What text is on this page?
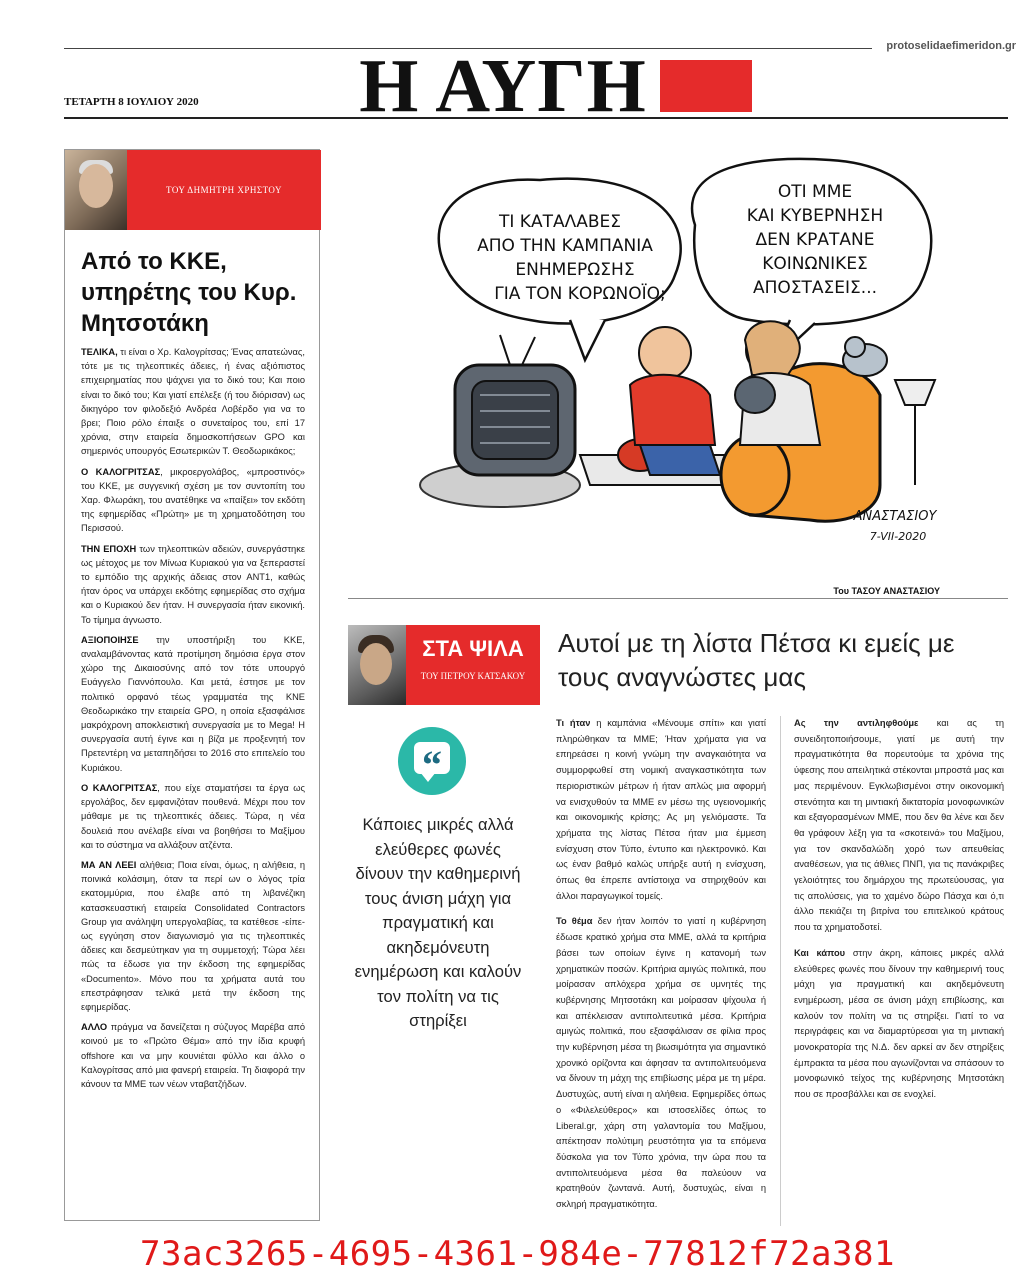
protoselidaefimeridon.gr
Η ΑΥΓΗ
ΤΕΤΑΡΤΗ 8 ΙΟΥΛΙΟΥ 2020
ΤΟΥ ΔΗΜΗΤΡΗ ΧΡΗΣΤΟΥ
Από το ΚΚΕ, υπηρέτης του Κυρ. Μητσοτάκη

ΤΕΛΙΚΑ, τι είναι ο Χρ. Καλογρίτσας; Ένας απατεώνας, τότε με τις τηλεοπτικές άδειες, ή ένας αξιόπιστος επιχειρηματίας που ψάχνει για το δικό του; Και ποιο είναι το δικό του; Και γιατί επέλεξε (ή του διόρισαν) ως δικηγόρο τον φιλοδεξιό Ανδρέα Λοβέρδο για να το βρει; Ποιο ρόλο έπαιξε ο συνεταίρος του, επί 17 χρόνια, στην εταιρεία δημοσκοπήσεων GPO και σημερινός υπουργός Εσωτερικών Τ. Θεοδωρικάκος;

Ο ΚΑΛΟΓΡΙΤΣΑΣ, μικροεργολάβος, «μπροστινός» του ΚΚΕ, με συγγενική σχέση με τον συντοπίτη του Χαρ. Φλωράκη, του ανατέθηκε να «παίξει» τον εκδότη της εφημερίδας «Πρώτη» με τη χρηματοδότηση του Περισσού.

ΤΗΝ ΕΠΟΧΗ των τηλεοπτικών αδειών, συνεργάστηκε ως μέτοχος με τον Μίνωα Κυριακού για να ξεπεραστεί το εμπόδιο της αρχικής άδειας στον ΑΝΤ1, καθώς ήταν όρος να υπάρχει εκδότης εφημερίδας στο σχήμα και ο Κυριακού δεν ήταν. Η συνεργασία ήταν εικονική. Το τίμημα άγνωστο.

ΑΞΙΟΠΟΙΗΣΕ την υποστήριξη του ΚΚΕ, αναλαμβάνοντας κατά προτίμηση δημόσια έργα στον χώρο της Δικαιοσύνης από τον τότε υπουργό Ευάγγελο Γιαννόπουλο. Και μετά, έστησε με τον πολιτικό ορφανό τέως γραμματέα της ΚΝΕ Θεοδωρικάκο την εταιρεία GPO, η οποία εξασφάλισε μακρόχρονη αποκλειστική συνεργασία με το Mega! Η συνεργασία αυτή έγινε και η βίζα με προξενητή τον Πρετεντέρη να μεταπηδήσει το 2016 στο επιτελείο του Κυριάκου.

Ο ΚΑΛΟΓΡΙΤΣΑΣ, που είχε σταματήσει τα έργα ως εργολάβος, δεν εμφανιζόταν πουθενά. Μέχρι που τον μάθαμε με τις τηλεοπτικές άδειες. Τώρα, η νέα δουλειά που ανέλαβε είναι να βοηθήσει το Μαξίμου και το σύστημα να αλλάξουν ατζέντα.

ΜΑ ΑΝ ΛΕΕΙ αλήθεια; Ποια είναι, όμως, η αλήθεια, η ποινικά κολάσιμη, όταν τα περί ων ο λόγος τρία εκατομμύρια, που έλαβε από τη λιβανέζικη κατασκευαστική εταιρεία Consolidated Contractors Group για ανάληψη υπεργολαβίας, τα κατέθεσε -είπε- ως εγγύηση στον διαγωνισμό για τις τηλεοπτικές άδειες και δεσμεύτηκαν για τη συμμετοχή; Τώρα λέει πώς τα έδωσε για την έκδοση της εφημερίδας «Documento». Μόνο που τα χρήματα αυτά του επεστράφησαν τελικά μετά την έκδοση της εφημερίδας.

ΑΛΛΟ πράγμα να δανείζεται η σύζυγος Μαρέβα από κοινού με το «Πρώτο Θέμα» από την ίδια κρυφή offshore και να μην κουνιέται φύλλο και άλλο ο Καλογρίτσας από μια φανερή εταιρεία. Τη διαφορά την κάνουν τα ΜΜΕ των νέων νταβατζήδων.

ΤΙ ΚΑΤΑΛΑΒΕΣ
ΑΠΟ ΤΗΝ ΚΑΜΠΑΝΙΑ
ΕΝΗΜΕΡΩΣΗΣ
ΓΙΑ ΤΟΝ ΚΟΡΩΝΟΪΟ;
ΟΤΙ ΜΜΕ
ΚΑΙ ΚΥΒΕΡΝΗΣΗ
ΔΕΝ ΚΡΑΤΑΝΕ
ΚΟΙΝΩΝΙΚΕΣ
ΑΠΟΣΤΑΣΕΙΣ...
ΑΝΑΣΤΑΣΙΟΥ
7-VII-2020
Του ΤΑΣΟΥ ΑΝΑΣΤΑΣΙΟΥ
ΣΤΑ ΨΙΛΑ
ΤΟΥ ΠΕΤΡΟΥ ΚΑΤΣΑΚΟΥ
“
Κάποιες μικρές αλλά ελεύθερες φωνές δίνουν την καθημερινή τους άνιση μάχη για πραγματική και ακηδεμόνευτη ενημέρωση και καλούν τον πολίτη να τις στηρίξει
Αυτοί με τη λίστα Πέτσα κι εμείς με τους αναγνώστες μας

Τι ήταν η καμπάνια «Μένουμε σπίτι» και γιατί πληρώθηκαν τα ΜΜΕ; Ήταν χρήματα για να επηρεάσει η κοινή γνώμη την αναγκαιότητα να συμμορφωθεί στη νομική αναγκαστικότητα των περιοριστικών μέτρων ή ήταν απλώς μια αφορμή να ενισχυθούν τα ΜΜΕ εν μέσω της υγειονομικής και οικονομικής κρίσης; Ας μη γελιόμαστε. Τα χρήματα της λίστας Πέτσα ήταν μια έμμεση ενίσχυση στον Τύπο, έντυπο και ηλεκτρονικό. Και ως έναν βαθμό καλώς υπήρξε αυτή η ενίσχυση, όπως θα έπρεπε αντίστοιχα να στηριχθούν και άλλοι παραγωγικοί τομείς.

Το θέμα δεν ήταν λοιπόν το γιατί η κυβέρνηση έδωσε κρατικό χρήμα στα ΜΜΕ, αλλά τα κριτήρια βάσει των οποίων έγινε η κατανομή των χρηματικών ποσών. Κριτήρια αμιγώς πολιτικά, που μοίρασαν απλόχερα χρήμα σε υμνητές της κυβέρνησης Μητσοτάκη και μοίρασαν ψίχουλα ή και απέκλεισαν αντιπολιτευτικά μέσα. Κριτήρια αμιγώς πολιτικά, που εξασφάλισαν σε φίλια προς την κυβέρνηση μέσα τη βιωσιμότητα για σημαντικό χρονικό ορίζοντα και άφησαν τα αντιπολιτευόμενα να δίνουν τη μάχη της επιβίωσης μέρα με τη μέρα. Δυστυχώς, αυτή είναι η αλήθεια. Εφημερίδες όπως ο «Φιλελεύθερος» και ιστοσελίδες όπως το Liberal.gr, χάρη στη γαλαντομία του Μαξίμου, απέκτησαν πολύτιμη ρευστότητα για τα επόμενα δύσκολα για τον Τύπο χρόνια, την ώρα που τα αντιπολιτευόμενα μέσα θα παλεύουν να κρατηθούν ζωντανά. Αυτή, δυστυχώς, είναι η σκληρή πραγματικότητα.

Ας την αντιληφθούμε και ας τη συνειδητοποιήσουμε, γιατί με αυτή την πραγματικότητα θα πορευτούμε τα χρόνια της ύφεσης που απειλητικά στέκονται μπροστά μας και μας περιμένουν. Εγκλωβισμένοι στην οικονομική στενότητα και τη μιντιακή δικτατορία μονοφωνικών και εξαγορασμένων ΜΜΕ, που δεν θα λένε και δεν θα γράφουν λέξη για τα «σκοτεινά» του Μαξίμου, για τον σκανδαλώδη χορό των απευθείας αναθέσεων, για τις άθλιες ΠΝΠ, για τις πανάκριβες γελοιότητες του δημάρχου της πρωτεύουσας, για τις απολύσεις, για το χαμένο δώρο Πάσχα και ό,τι άλλο πεκιάζει τη βιτρίνα του επιτελικού κράτους που τα χρηματοδοτεί.

Και κάπου στην άκρη, κάποιες μικρές αλλά ελεύθερες φωνές που δίνουν την καθημερινή τους μάχη για πραγματική και ακηδεμόνευτη ενημέρωση, μέσα σε άνιση μάχη επιβίωσης, και καλούν τον πολίτη να τις στηρίξει. Γιατί το να περιγράφεις και να διαμαρτύρεσαι για τη μιντιακή μονοκρατορία της Ν.Δ. δεν αρκεί αν δεν στηρίξεις έμπρακτα τα μέσα που αγωνίζονται να σπάσουν το μονοφωνικό τείχος της κυβέρνησης Μητσοτάκη που σε προσβάλλει και σε ενοχλεί.

73ac3265-4695-4361-984e-77812f72a381
